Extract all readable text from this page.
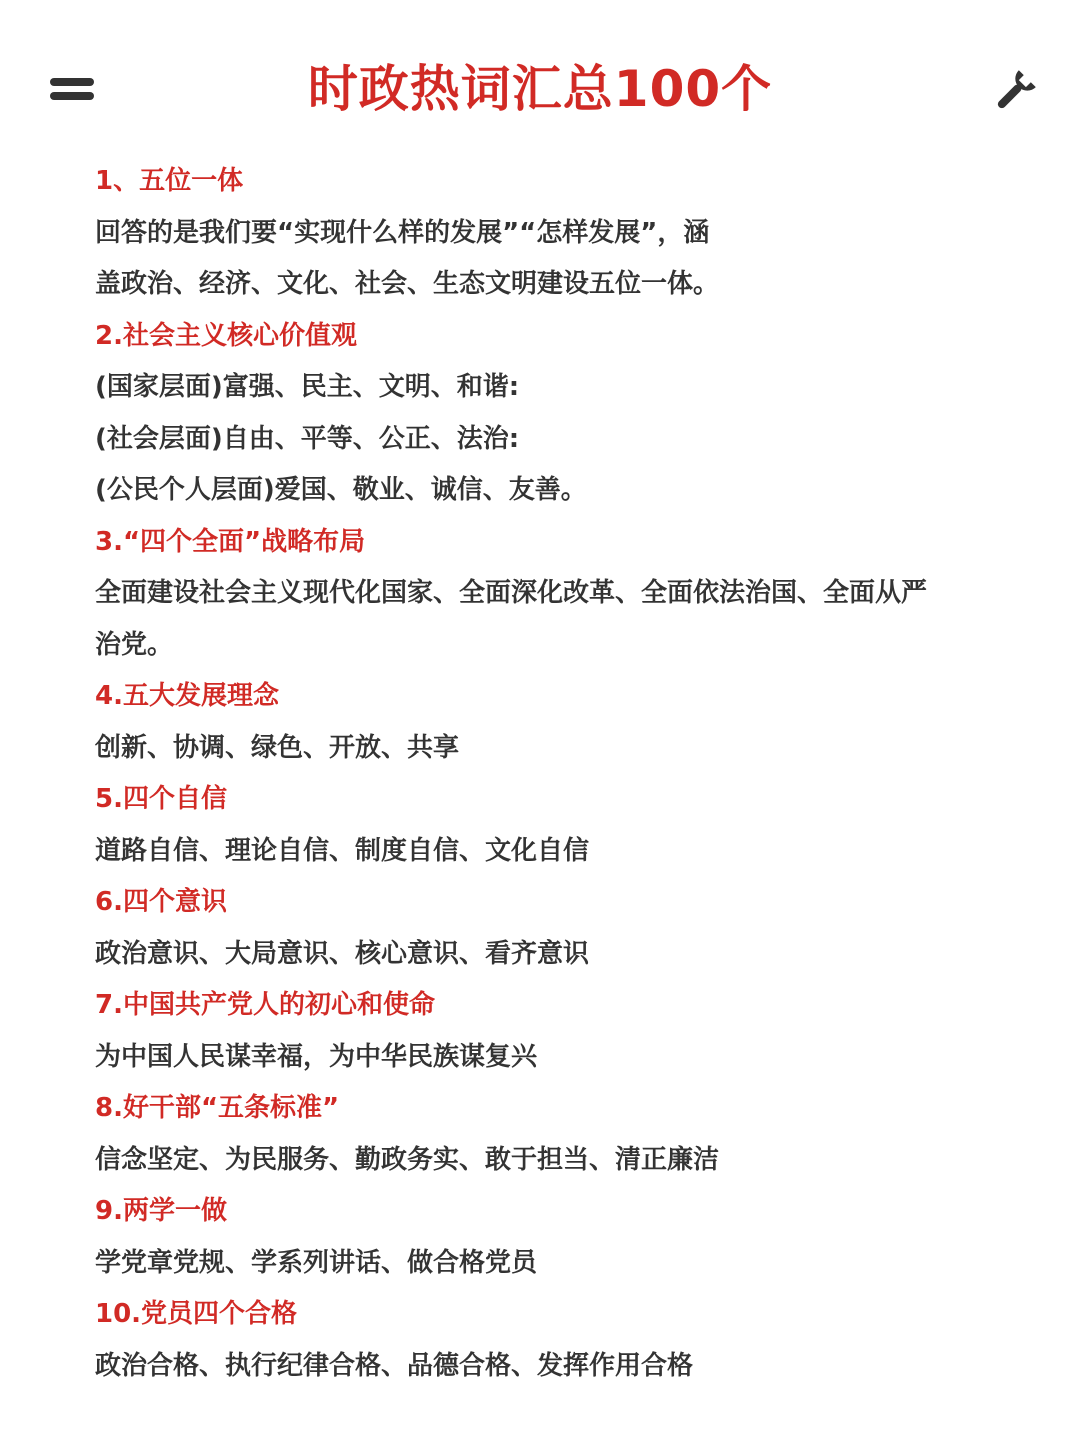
时政热词汇总100个
1、五位一体
回答的是我们要“实现什么样的发展”“怎样发展”，涵
盖政治、经济、文化、社会、生态文明建设五位一体。
2.社会主义核心价值观
(国家层面)富强、民主、文明、和谐:
(社会层面)自由、平等、公正、法治:
(公民个人层面)爱国、敬业、诚信、友善。
3.“四个全面”战略布局
全面建设社会主义现代化国家、全面深化改革、全面依法治国、全面从严
治党。
4.五大发展理念
创新、协调、绿色、开放、共享
5.四个自信
道路自信、理论自信、制度自信、文化自信
6.四个意识
政治意识、大局意识、核心意识、看齐意识
7.中国共产党人的初心和使命
为中国人民谋幸福，为中华民族谋复兴
8.好干部“五条标准”
信念坚定、为民服务、勤政务实、敢于担当、清正廉洁
9.两学一做
学党章党规、学系列讲话、做合格党员
10.党员四个合格
政治合格、执行纪律合格、品德合格、发挥作用合格
